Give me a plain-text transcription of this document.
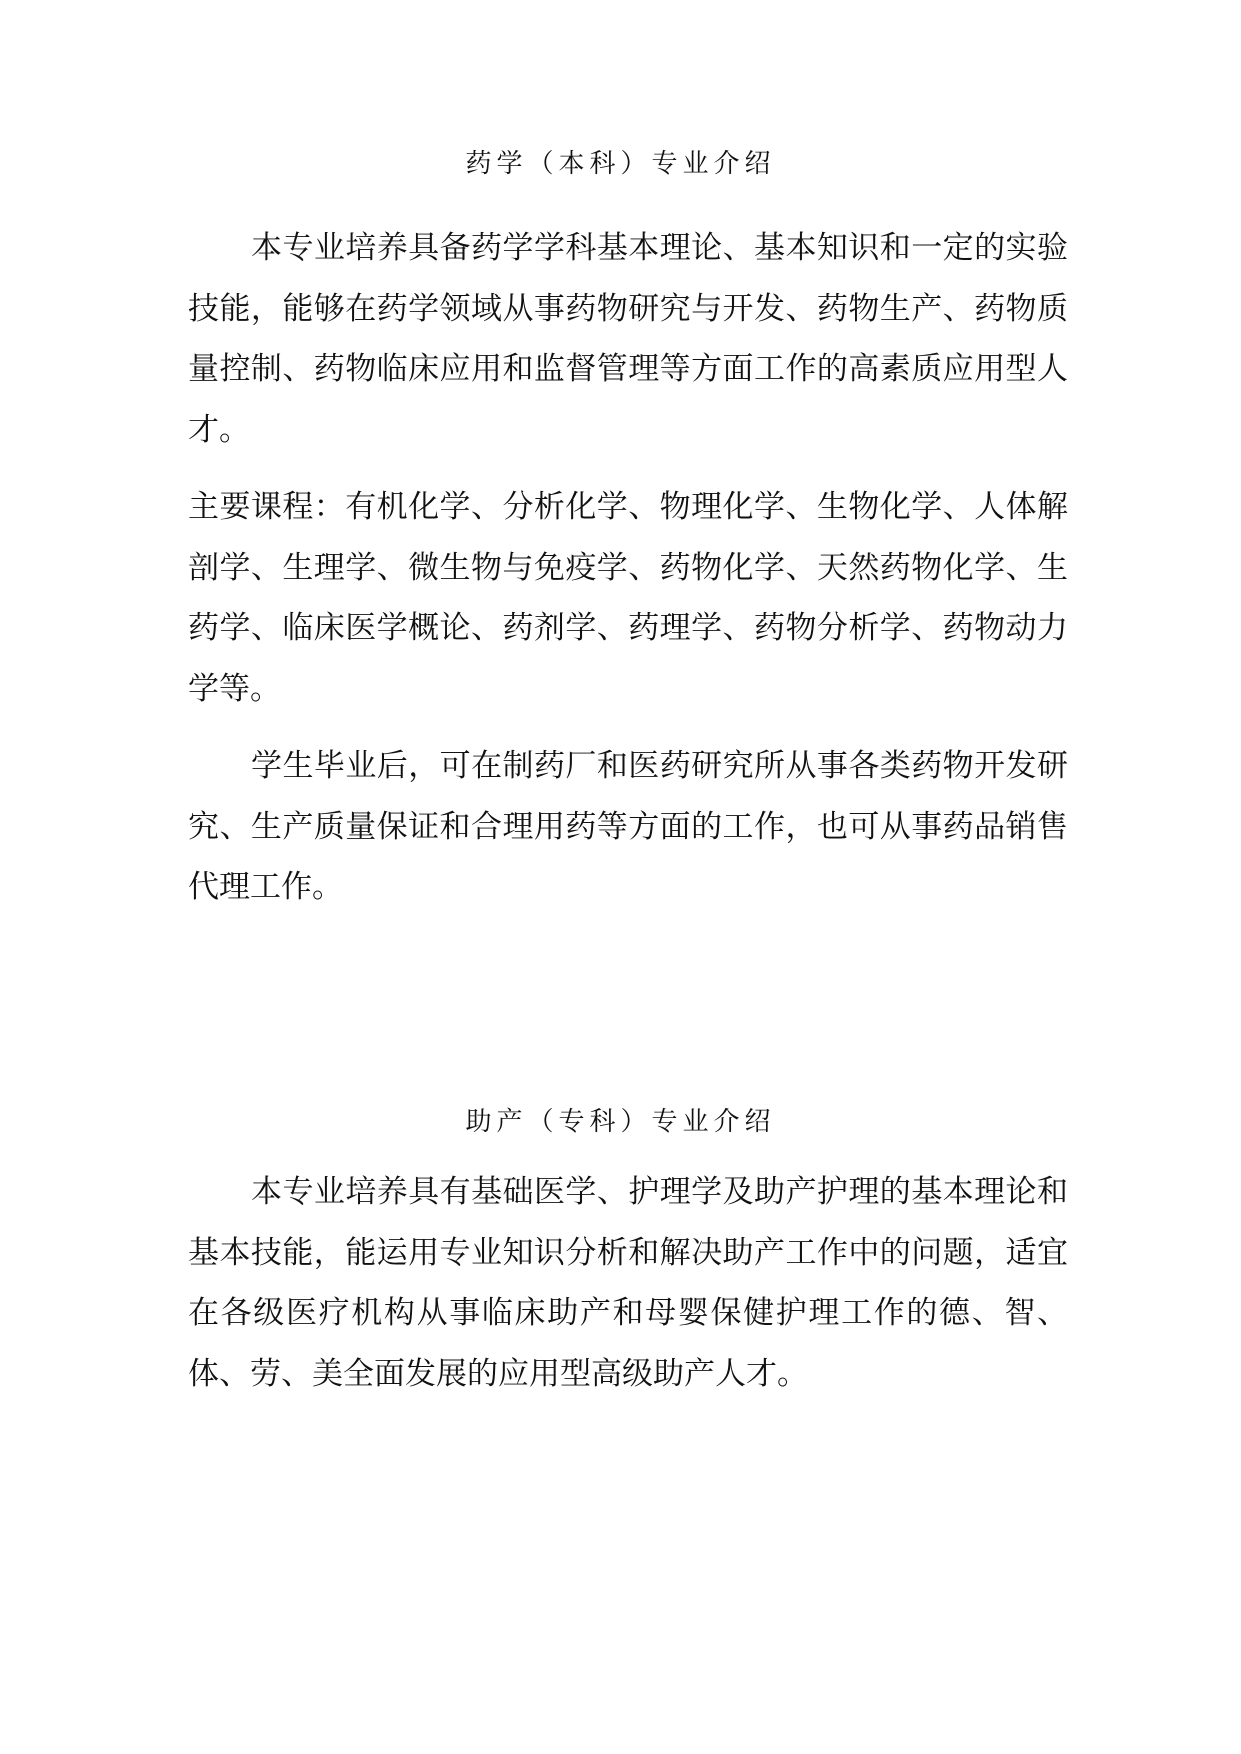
药学（本科）专业介绍
本专业培养具备药学学科基本理论、基本知识和一定的实验技能，能够在药学领域从事药物研究与开发、药物生产、药物质量控制、药物临床应用和监督管理等方面工作的高素质应用型人才。
主要课程：有机化学、分析化学、物理化学、生物化学、人体解剖学、生理学、微生物与免疫学、药物化学、天然药物化学、生药学、临床医学概论、药剂学、药理学、药物分析学、药物动力学等。
学生毕业后，可在制药厂和医药研究所从事各类药物开发研究、生产质量保证和合理用药等方面的工作，也可从事药品销售代理工作。
助产（专科）专业介绍
本专业培养具有基础医学、护理学及助产护理的基本理论和基本技能，能运用专业知识分析和解决助产工作中的问题，适宜在各级医疗机构从事临床助产和母婴保健护理工作的德、智、体、劳、美全面发展的应用型高级助产人才。
